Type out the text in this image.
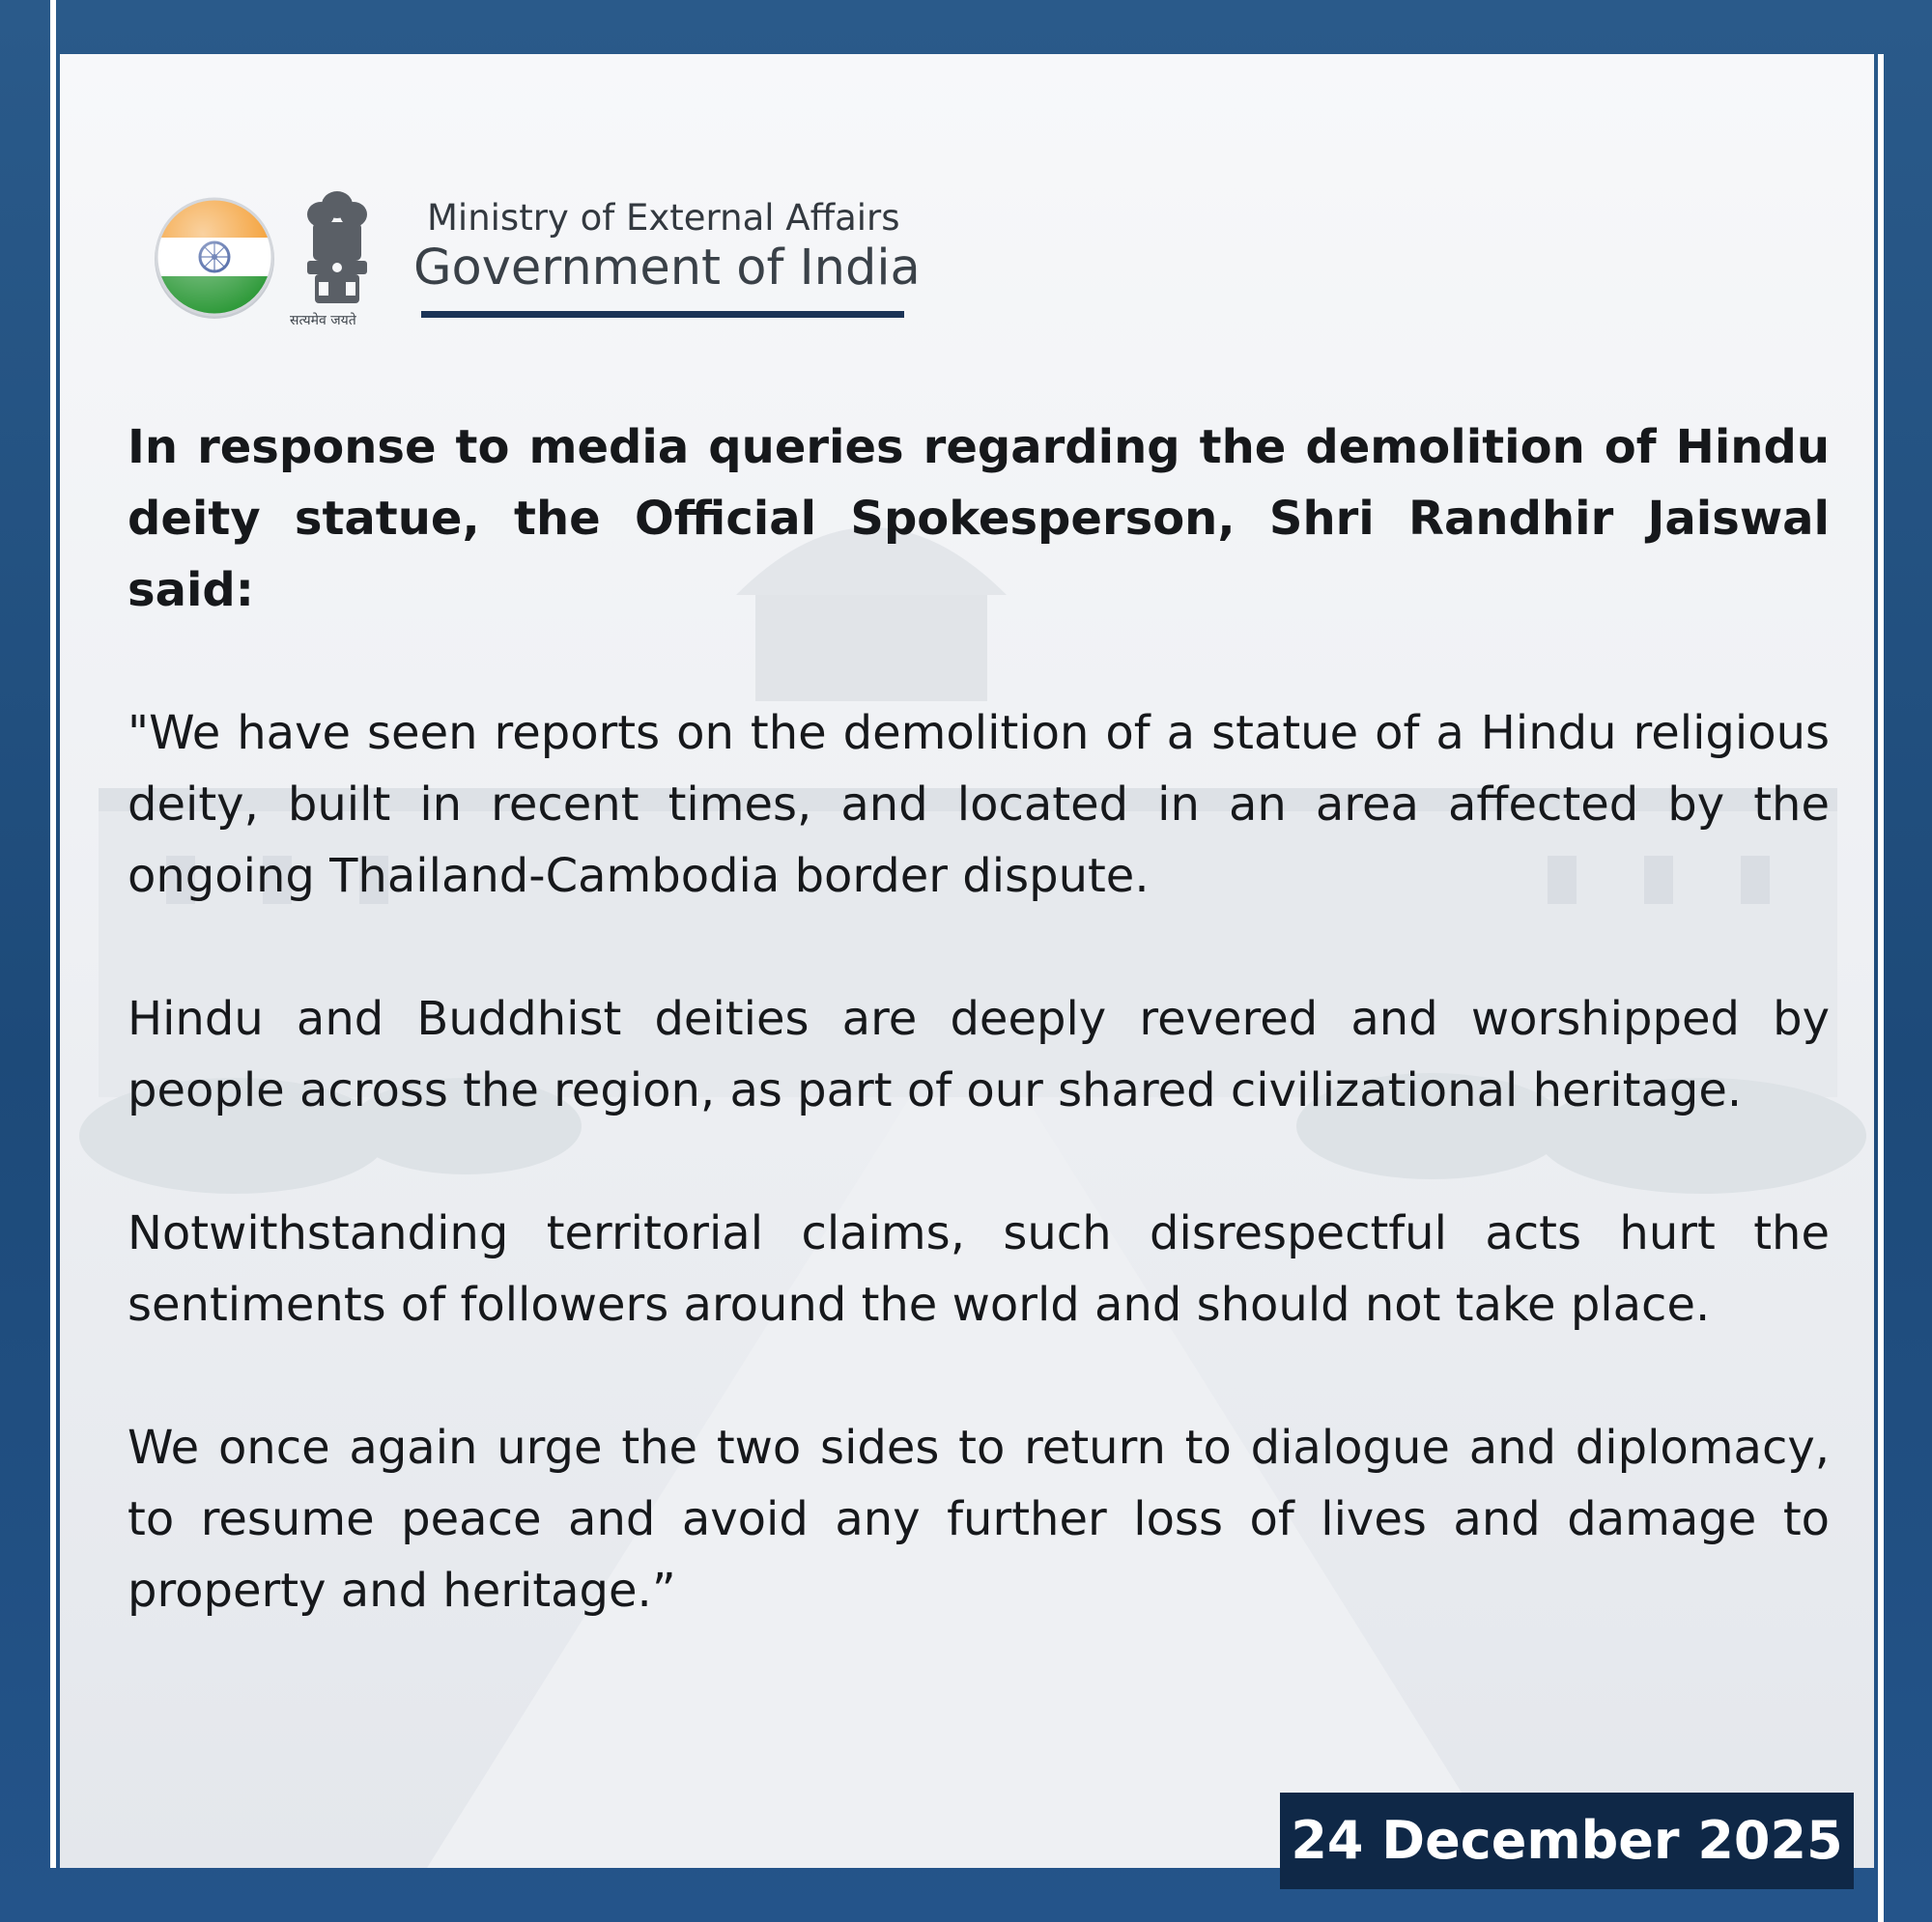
सत्यमेव जयते
Ministry of External Affairs
Government of India

In response to media queries regarding the demolition of Hindu deity statue, the Official Spokesperson, Shri Randhir Jaiswal said:

"We have seen reports on the demolition of a statue of a Hindu religious deity, built in recent times, and located in an area affected by the ongoing Thailand-Cambodia border dispute.

Hindu and Buddhist deities are deeply revered and worshipped by people across the region, as part of our shared civilizational heritage.

Notwithstanding territorial claims, such disrespectful acts hurt the sentiments of followers around the world and should not take place.

We once again urge the two sides to return to dialogue and diplomacy, to resume peace and avoid any further loss of lives and damage to property and heritage.”

24 December 2025
